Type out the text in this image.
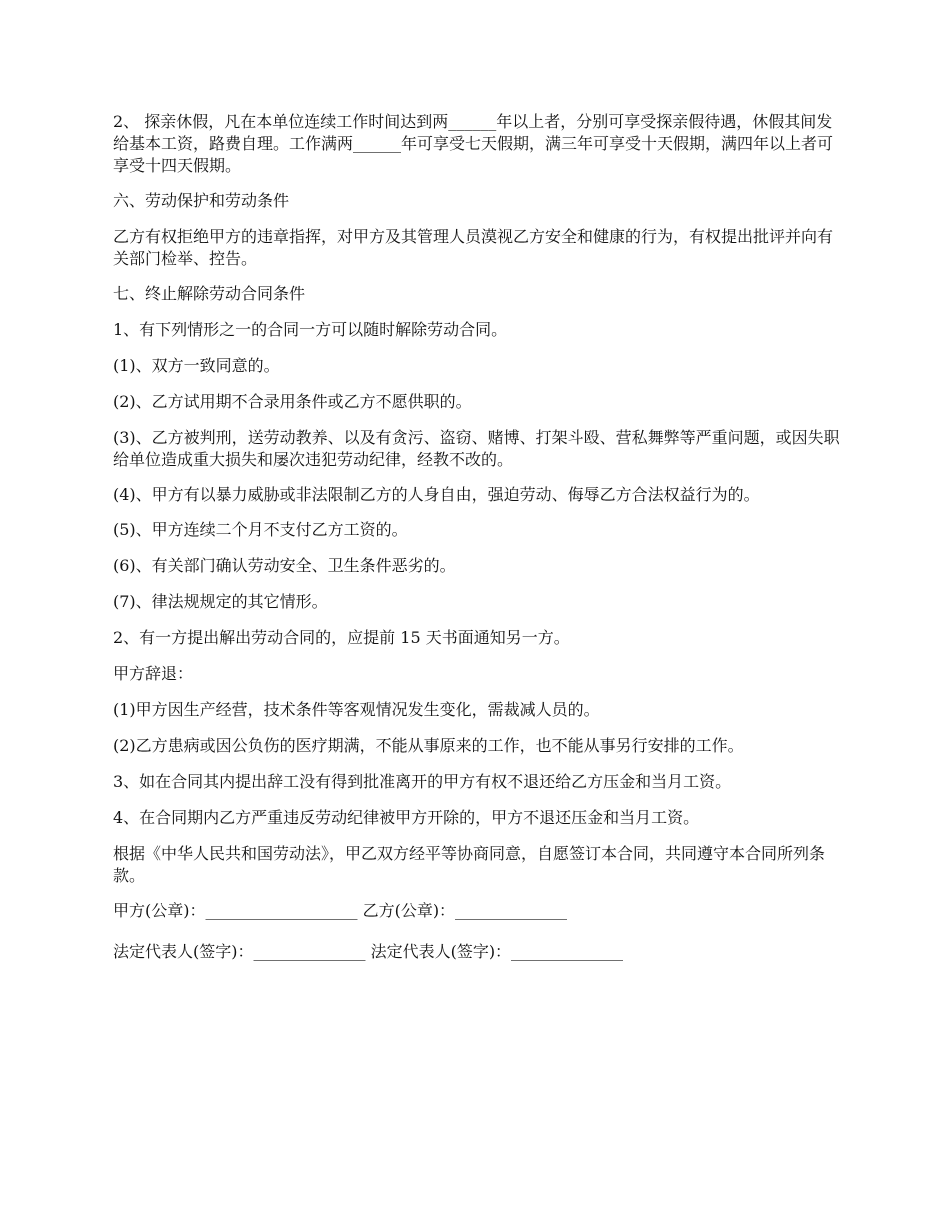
2、 探亲休假，凡在本单位连续工作时间达到两______年以上者，分别可享受探亲假待遇，休假其间发给基本工资，路费自理。工作满两______年可享受七天假期，满三年可享受十天假期，满四年以上者可享受十四天假期。

六、劳动保护和劳动条件

乙方有权拒绝甲方的违章指挥，对甲方及其管理人员漠视乙方安全和健康的行为，有权提出批评并向有关部门检举、控告。

七、终止解除劳动合同条件

1、有下列情形之一的合同一方可以随时解除劳动合同。

(1)、双方一致同意的。

(2)、乙方试用期不合录用条件或乙方不愿供职的。

(3)、乙方被判刑，送劳动教养、以及有贪污、盗窃、赌博、打架斗殴、营私舞弊等严重问题，或因失职给单位造成重大损失和屡次违犯劳动纪律，经教不改的。

(4)、甲方有以暴力威胁或非法限制乙方的人身自由，强迫劳动、侮辱乙方合法权益行为的。

(5)、甲方连续二个月不支付乙方工资的。

(6)、有关部门确认劳动安全、卫生条件恶劣的。

(7)、律法规规定的其它情形。

2、有一方提出解出劳动合同的，应提前 15 天书面通知另一方。

甲方辞退：

(1)甲方因生产经营，技术条件等客观情况发生变化，需裁减人员的。

(2)乙方患病或因公负伤的医疗期满，不能从事原来的工作，也不能从事另行安排的工作。

3、如在合同其内提出辞工没有得到批准离开的甲方有权不退还给乙方压金和当月工资。

4、在合同期内乙方严重违反劳动纪律被甲方开除的，甲方不退还压金和当月工资。

根据《中华人民共和国劳动法》，甲乙双方经平等协商同意，自愿签订本合同，共同遵守本合同所列条款。

甲方(公章)：___________________ 乙方(公章)：______________
法定代表人(签字)：______________ 法定代表人(签字)：______________
